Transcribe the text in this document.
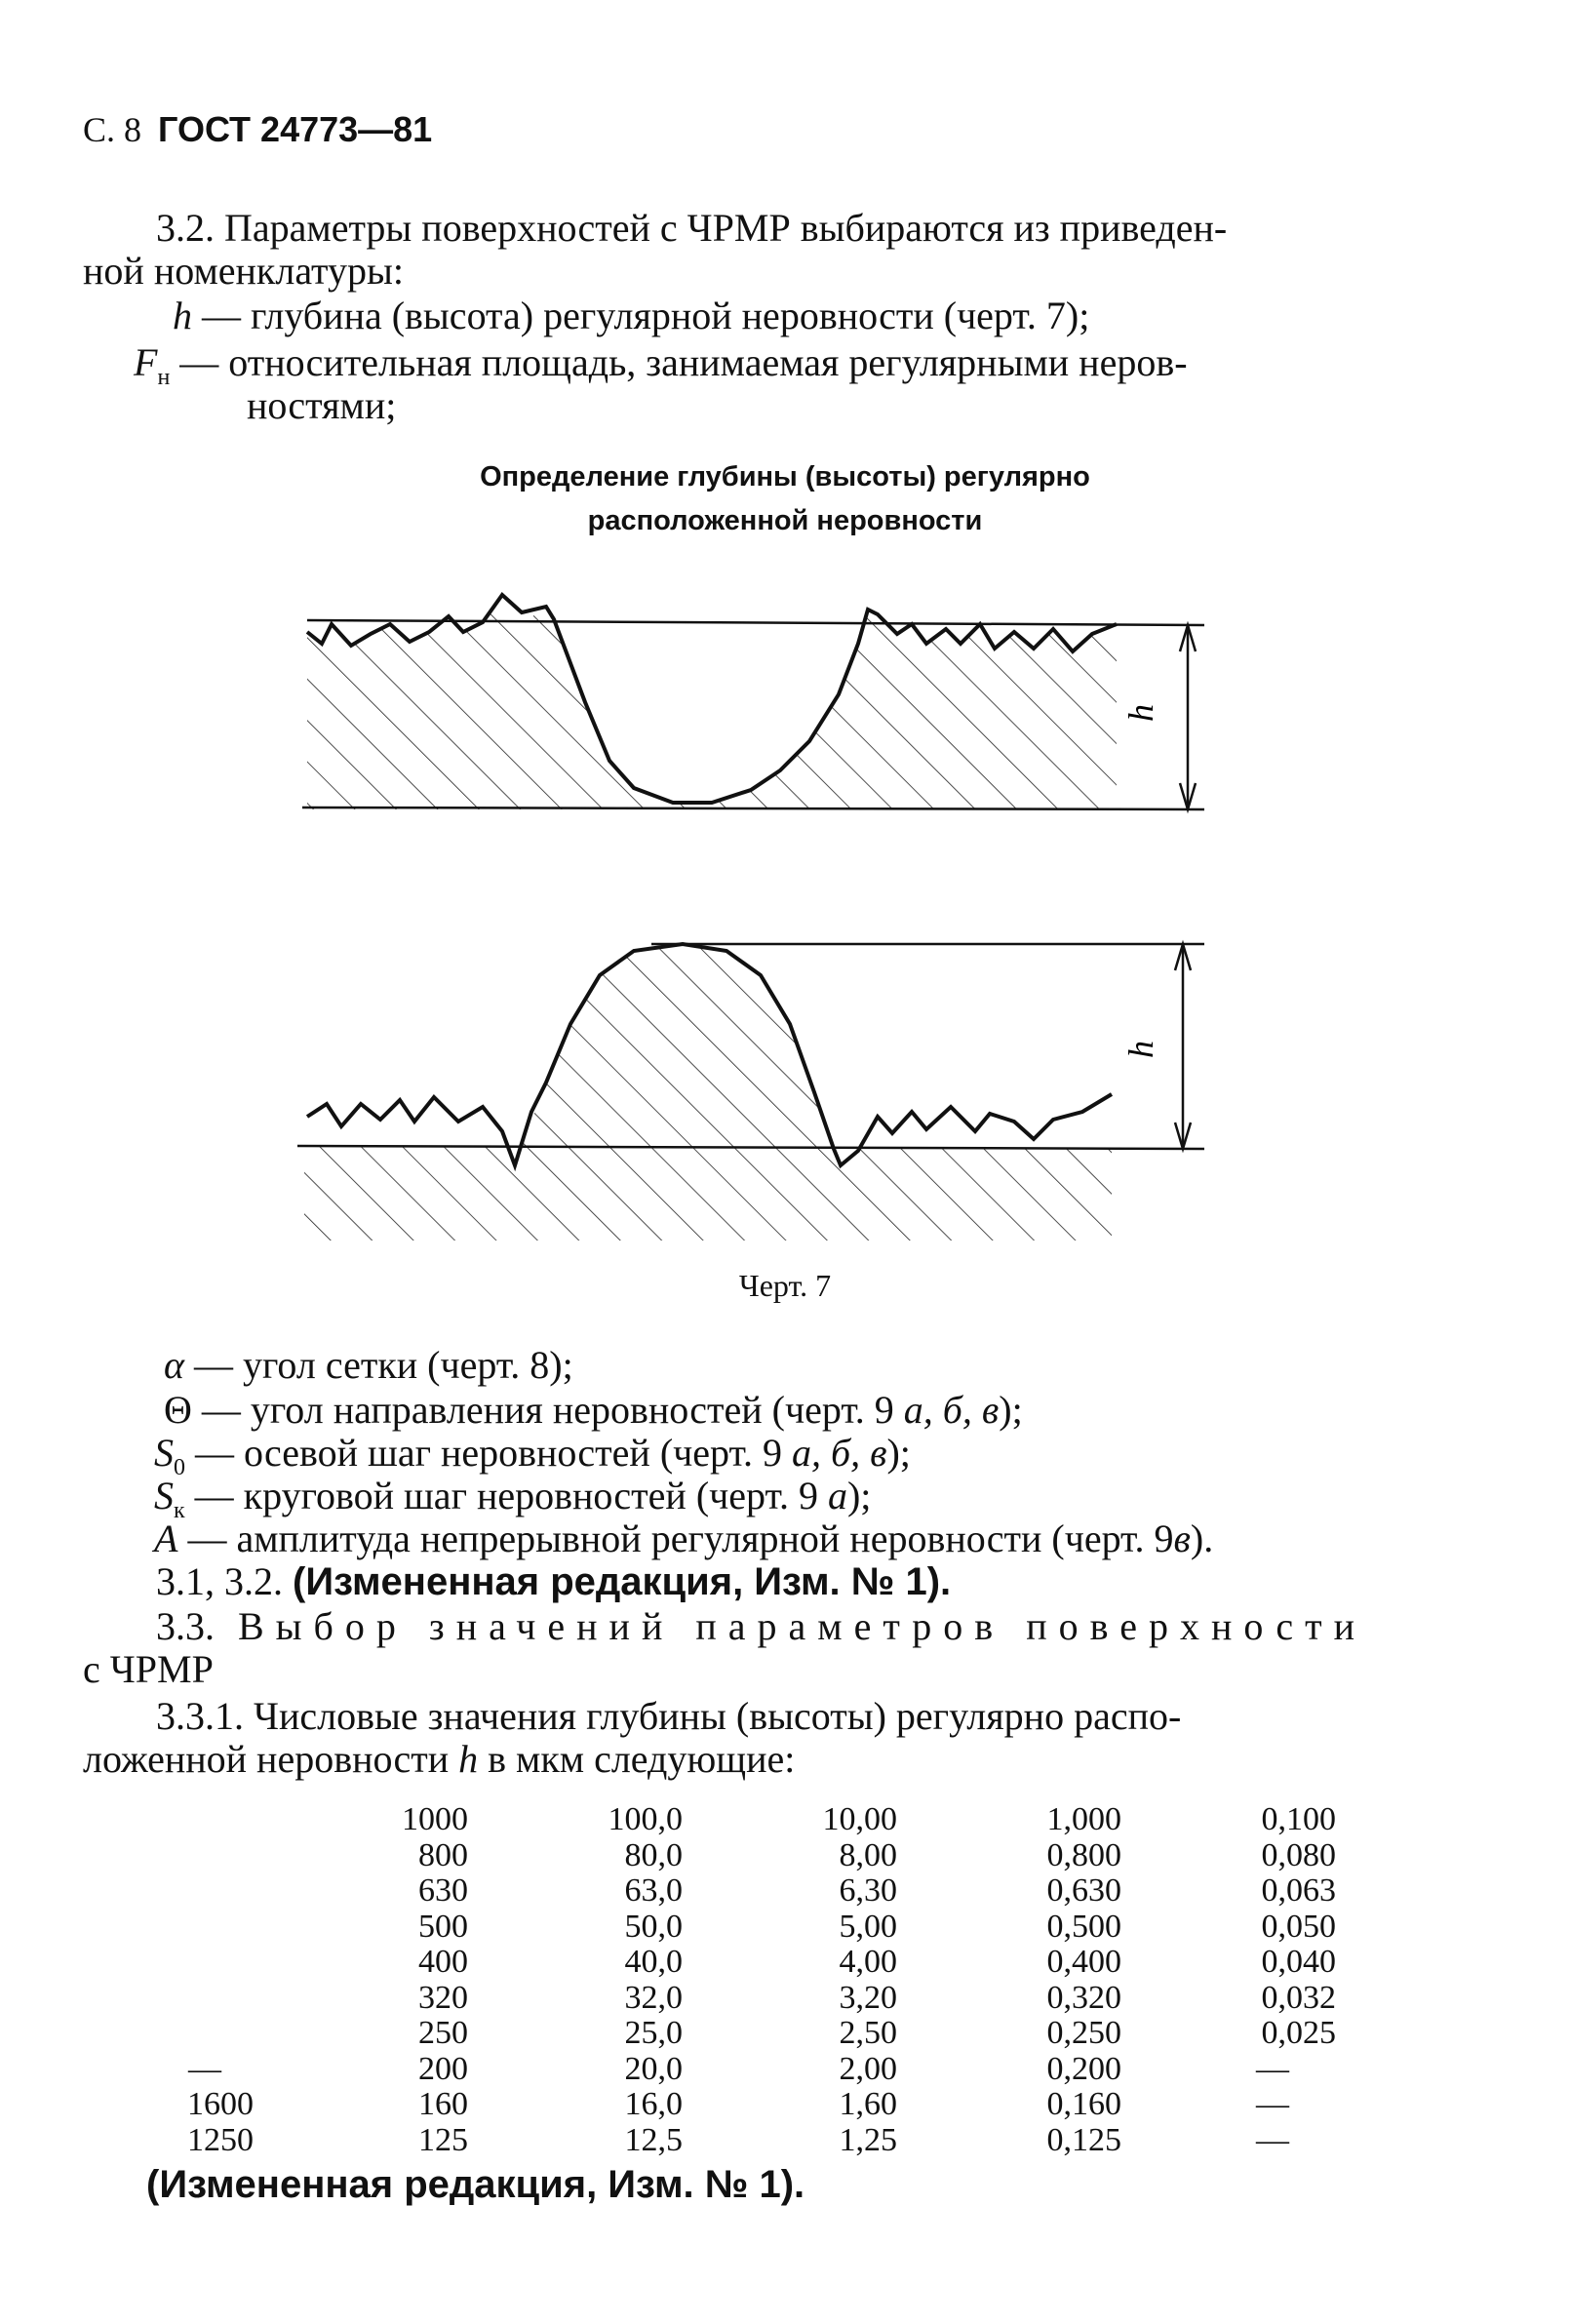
С. 8 ГОСТ 24773—81
3.2. Параметры поверхностей с ЧРМР выбираются из приведен-
ной номенклатуры:
h — глубина (высота) регулярной неровности (черт. 7);
$F_н$ — относительная площадь, занимаемая регулярными неров-
ностями;
Определение глубины (высоты) регулярно
расположенной неровности
h
h
Черт. 7
α — угол сетки (черт. 8);
Θ — угол направления неровностей (черт. 9 а, б, в);
$S_0$ — осевой шаг неровностей (черт. 9 а, б, в);
$S_к$ — круговой шаг неровностей (черт. 9 а);
A — амплитуда непрерывной регулярной неровности (черт. 9в).
3.1, 3.2. (Измененная редакция, Изм. № 1).
3.3. Выбор значений параметров поверхности
с ЧРМР
3.3.1. Числовые значения глубины (высоты) регулярно распо-
ложенной неровности h в мкм следующие:
—
1600
1250
1000
800
630
500
400
320
250
200
160
125
100,0
80,0
63,0
50,0
40,0
32,0
25,0
20,0
16,0
12,5
10,00
8,00
6,30
5,00
4,00
3,20
2,50
2,00
1,60
1,25
1,000
0,800
0,630
0,500
0,400
0,320
0,250
0,200
0,160
0,125
0,100
0,080
0,063
0,050
0,040
0,032
0,025
—
—
—
(Измененная редакция, Изм. № 1).
